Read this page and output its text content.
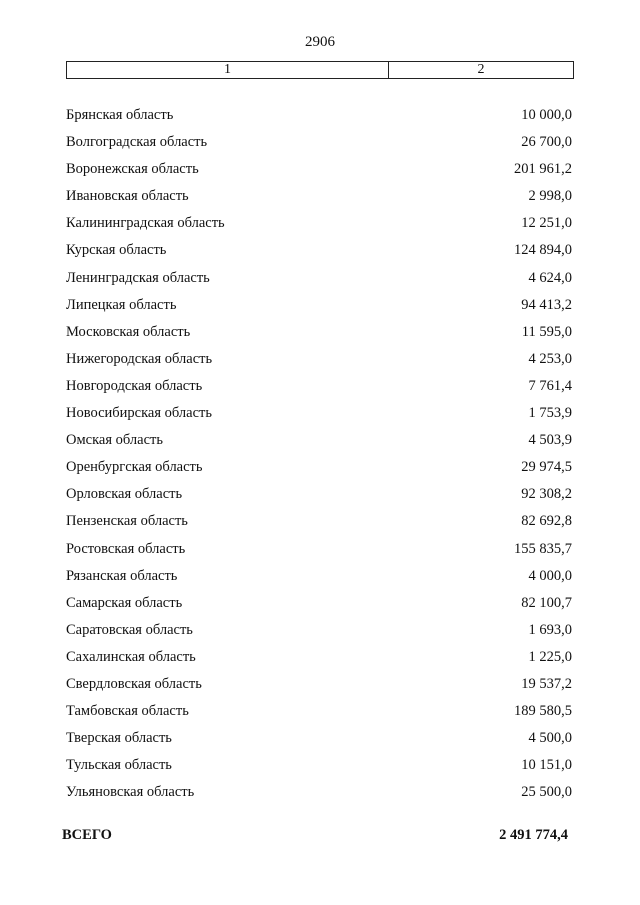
2906
1	2
Брянская область	10 000,0
Волгоградская область	26 700,0
Воронежская область	201 961,2
Ивановская область	2 998,0
Калининградская область	12 251,0
Курская область	124 894,0
Ленинградская область	4 624,0
Липецкая область	94 413,2
Московская область	11 595,0
Нижегородская область	4 253,0
Новгородская область	7 761,4
Новосибирская область	1 753,9
Омская область	4 503,9
Оренбургская область	29 974,5
Орловская область	92 308,2
Пензенская область	82 692,8
Ростовская область	155 835,7
Рязанская область	4 000,0
Самарская область	82 100,7
Саратовская область	1 693,0
Сахалинская область	1 225,0
Свердловская область	19 537,2
Тамбовская область	189 580,5
Тверская область	4 500,0
Тульская область	10 151,0
Ульяновская область	25 500,0
ВСЕГО	2 491 774,4
